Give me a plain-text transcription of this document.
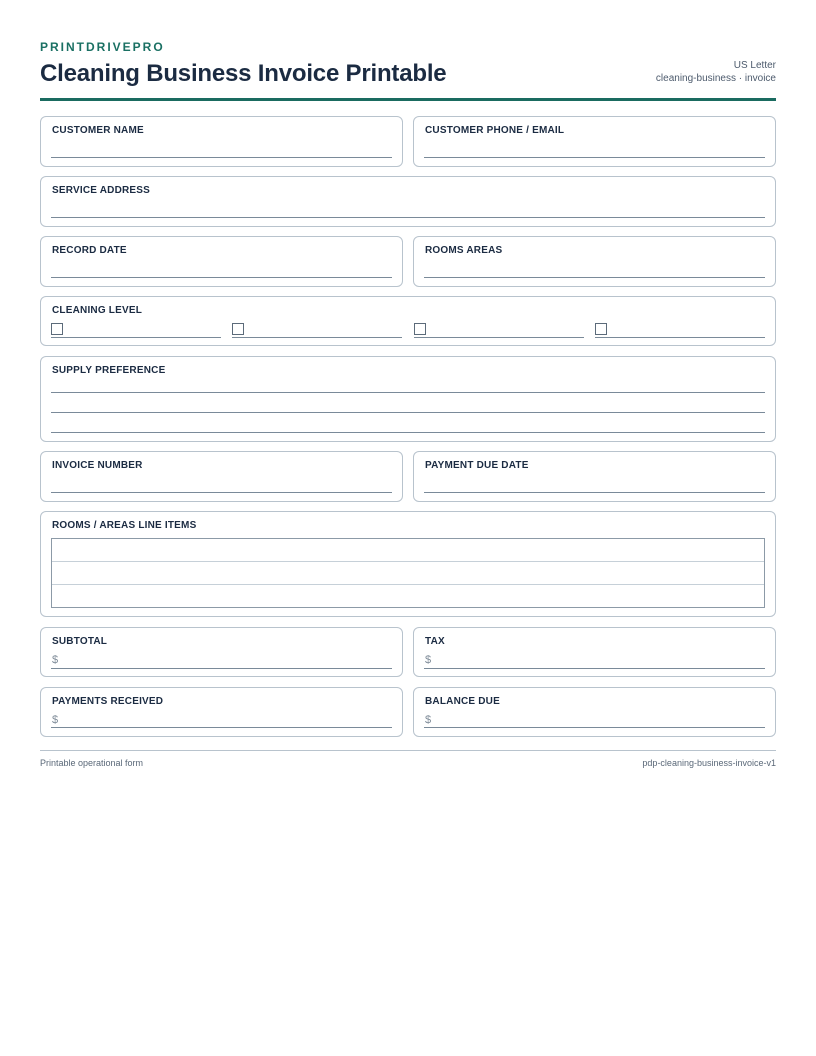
PRINTDRIVEPRO
Cleaning Business Invoice Printable	US Letter
cleaning-business · invoice
CUSTOMER NAME	CUSTOMER PHONE / EMAIL
SERVICE ADDRESS
RECORD DATE	ROOMS AREAS
CLEANING LEVEL
SUPPLY PREFERENCE
INVOICE NUMBER	PAYMENT DUE DATE
ROOMS / AREAS LINE ITEMS
SUBTOTAL
$
TAX
$
PAYMENTS RECEIVED
$
BALANCE DUE
$
Printable operational form	pdp-cleaning-business-invoice-v1
